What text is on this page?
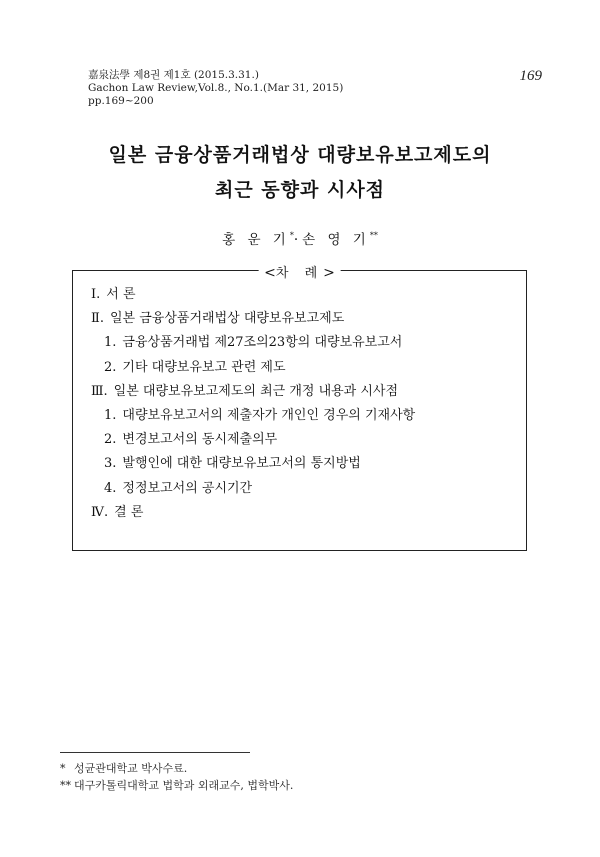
嘉泉法學 제8권 제1호 (2015.3.31.)
Gachon Law Review,Vol.8., No.1.(Mar 31, 2015)
pp.169~200
169
일본 금융상품거래법상 대량보유보고제도의
최근 동향과 시사점
홍 운 기*·손 영 기**
<차 례>
Ⅰ. 서 론
Ⅱ. 일본 금융상품거래법상 대량보유보고제도
1. 금융상품거래법 제27조의23항의 대량보유보고서
2. 기타 대량보유보고 관련 제도
Ⅲ. 일본 대량보유보고제도의 최근 개정 내용과 시사점
1. 대량보유보고서의 제출자가 개인인 경우의 기재사항
2. 변경보고서의 동시제출의무
3. 발행인에 대한 대량보유보고서의 통지방법
4. 정정보고서의 공시기간
Ⅳ. 결 론
* 성균관대학교 박사수료.
** 대구카톨릭대학교 법학과 외래교수, 법학박사.
